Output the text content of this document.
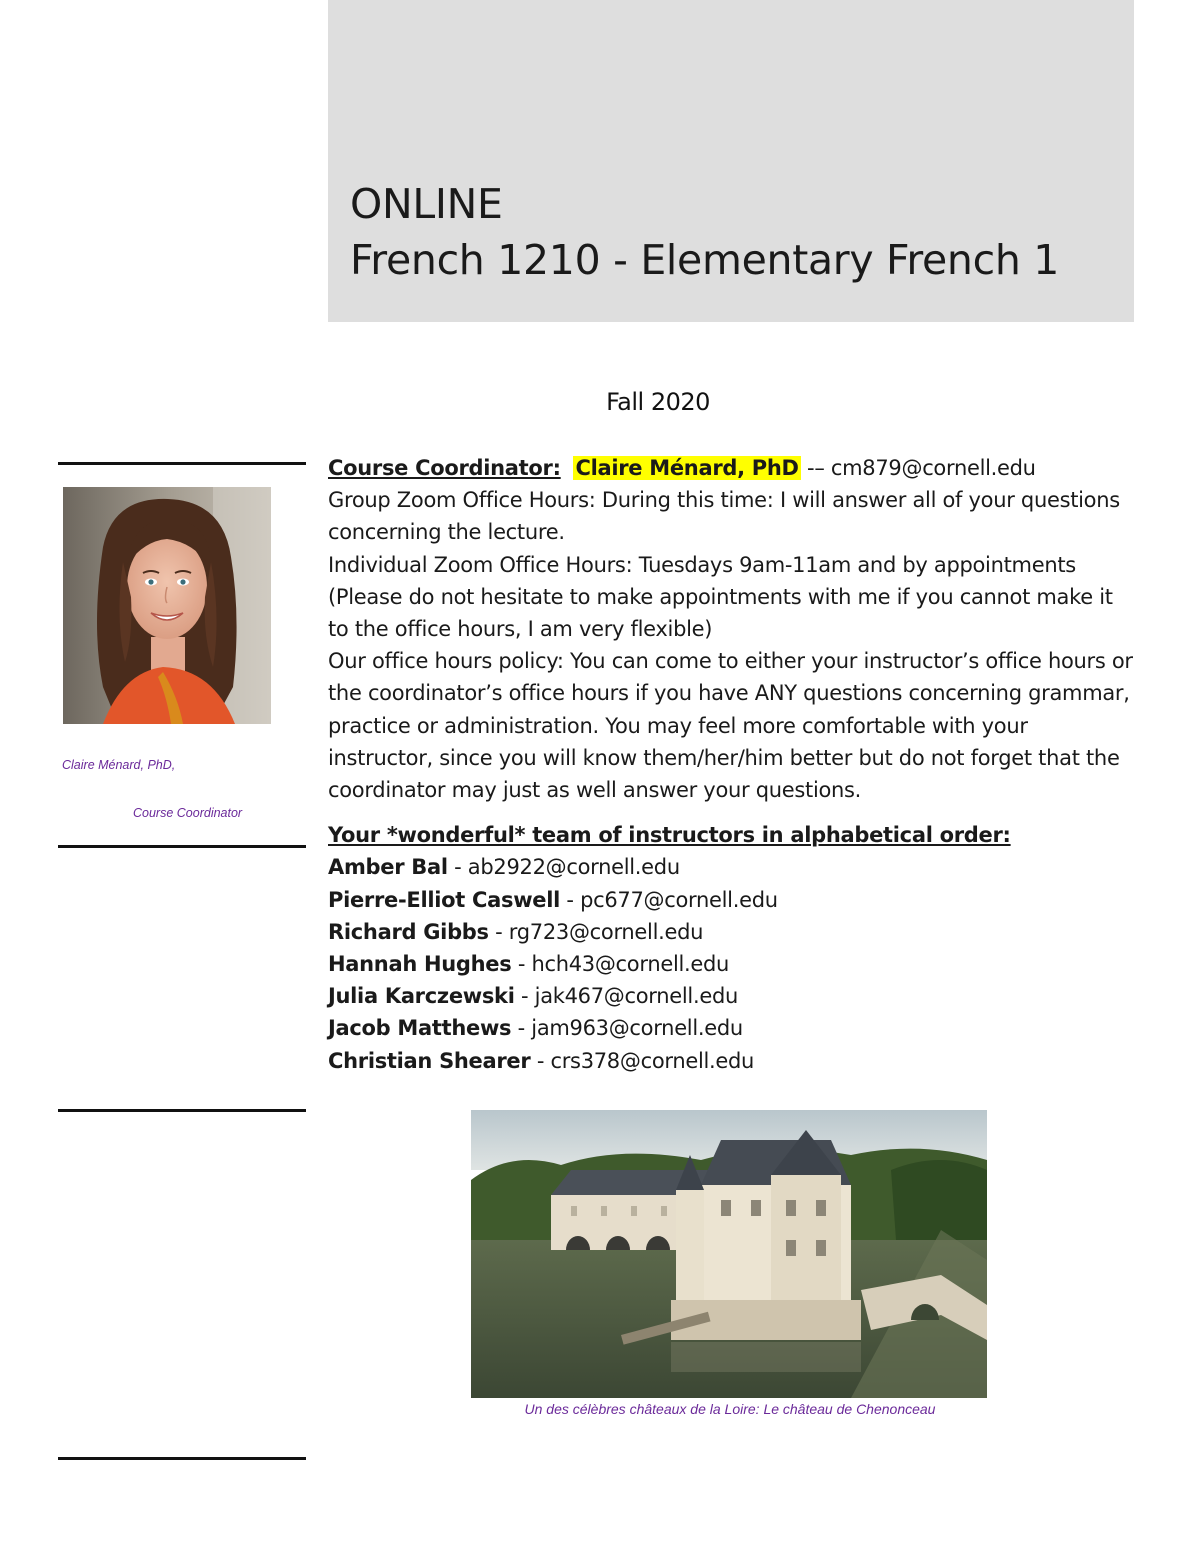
ONLINE
French 1210 - Elementary French 1
Fall 2020
Claire Ménard, PhD,
Course Coordinator

Course Coordinator: Claire Ménard, PhD -– cm879@cornell.edu

Group Zoom Office Hours: During this time: I will answer all of your questions concerning the lecture.

Individual Zoom Office Hours: Tuesdays 9am-11am and by appointments (Please do not hesitate to make appointments with me if you cannot make it to the office hours, I am very flexible)

Our office hours policy: You can come to either your instructor’s office hours or the coordinator’s office hours if you have ANY questions concerning grammar, practice or administration. You may feel more comfortable with your instructor, since you will know them/her/him better but do not forget that the coordinator may just as well answer your questions.

Your *wonderful* team of instructors in alphabetical order:

Amber Bal - ab2922@cornell.edu

Pierre-Elliot Caswell - pc677@cornell.edu

Richard Gibbs - rg723@cornell.edu

Hannah Hughes - hch43@cornell.edu

Julia Karczewski - jak467@cornell.edu

Jacob Matthews - jam963@cornell.edu

Christian Shearer - crs378@cornell.edu

Un des célèbres châteaux de la Loire: Le château de Chenonceau
